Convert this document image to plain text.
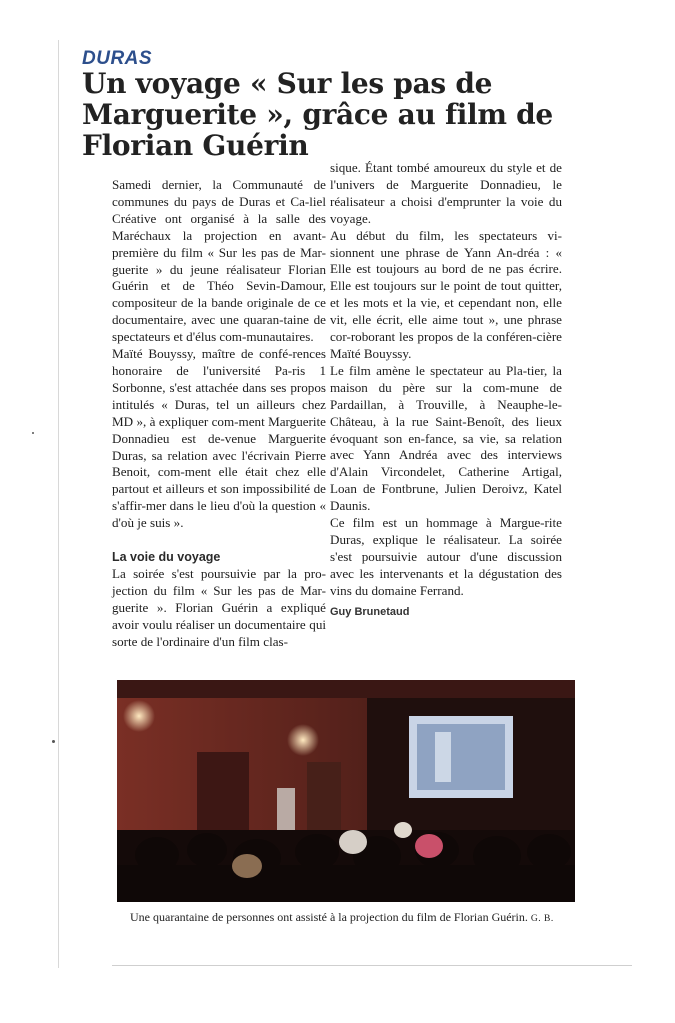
DURAS
Un voyage « Sur les pas de Marguerite », grâce au film de Florian Guérin

Samedi dernier, la Communauté de communes du pays de Duras et Ca-liel Créative ont organisé à la salle des Maréchaux la projection en avant-première du film « Sur les pas de Mar-guerite » du jeune réalisateur Florian Guérin et de Théo Sevin-Damour, compositeur de la bande originale de ce documentaire, avec une quaran-taine de spectateurs et d'élus com-munautaires.

Maïté Bouyssy, maître de confé-rences honoraire de l'université Pa-ris 1 Sorbonne, s'est attachée dans ses propos intitulés « Duras, tel un ailleurs chez MD », à expliquer com-ment Marguerite Donnadieu est de-venue Marguerite Duras, sa relation avec l'écrivain Pierre Benoit, com-ment elle était chez elle partout et ailleurs et son impossibilité de s'affir-mer dans le lieu d'où la question « d'où je suis ».

La voie du voyage

La soirée s'est poursuivie par la pro-jection du film « Sur les pas de Mar-guerite ». Florian Guérin a expliqué avoir voulu réaliser un documentaire qui sorte de l'ordinaire d'un film clas-

sique. Étant tombé amoureux du style et de l'univers de Marguerite Donnadieu, le réalisateur a choisi d'emprunter la voie du voyage.

Au début du film, les spectateurs vi-sionnent une phrase de Yann An-dréa : « Elle est toujours au bord de ne pas écrire. Elle est toujours sur le point de tout quitter, et les mots et la vie, et cependant non, elle vit, elle écrit, elle aime tout », une phrase cor-roborant les propos de la conféren-cière Maïté Bouyssy.

Le film amène le spectateur au Pla-tier, la maison du père sur la com-mune de Pardaillan, à Trouville, à Neauphe-le-Château, à la rue Saint-Benoît, des lieux évoquant son en-fance, sa vie, sa relation avec Yann Andréa avec des interviews d'Alain Vircondelet, Catherine Artigal, Loan de Fontbrune, Julien Deroivz, Katel Daunis.

Ce film est un hommage à Margue-rite Duras, explique le réalisateur. La soirée s'est poursuivie autour d'une discussion avec les intervenants et la dégustation des vins du domaine Ferrand.

Guy Brunetaud

Une quarantaine de personnes ont assisté à la projection du film de Florian Guérin. G. B.
